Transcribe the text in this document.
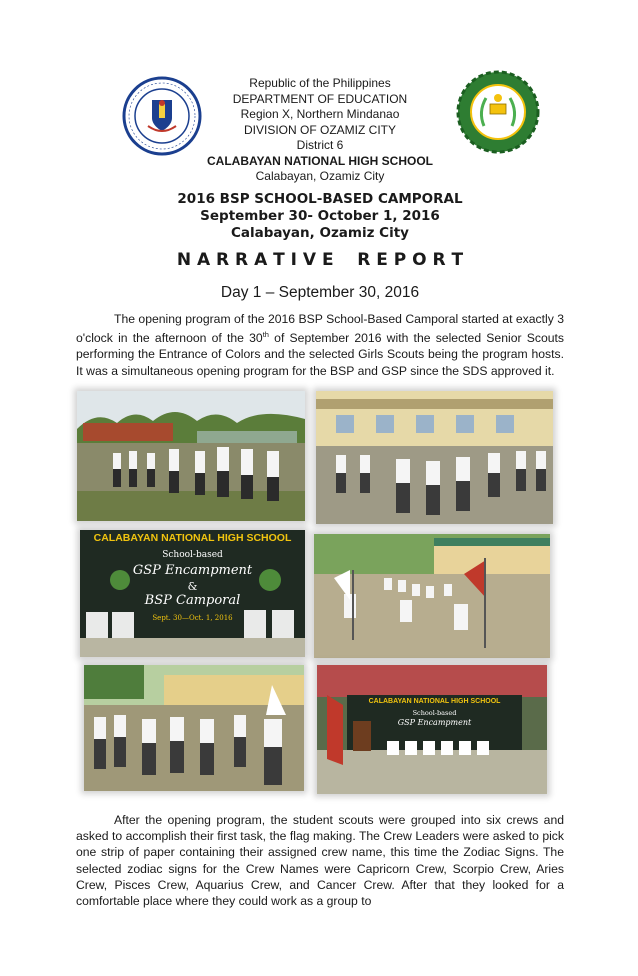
Republic of the Philippines
DEPARTMENT OF EDUCATION
Region X, Northern Mindanao
DIVISION OF OZAMIZ CITY
District 6
CALABAYAN NATIONAL HIGH SCHOOL
Calabayan, Ozamiz City
2016 BSP SCHOOL-BASED CAMPORAL
September 30- October 1, 2016
Calabayan, Ozamiz City
N A R R A T I V E    R E P O R T
Day 1 – September 30, 2016
The opening program of the 2016 BSP School-Based Camporal started at exactly 3 o'clock in the afternoon of the 30th of September 2016 with the selected Senior Scouts performing the Entrance of Colors and the selected Girls Scouts being the program hosts. It was a simultaneous opening program for the BSP and GSP since the SDS approved it.
CALABAYAN NATIONAL HIGH SCHOOL
School-based
GSP Encampment
&
BSP Camporal
Sept. 30—Oct. 1, 2016
CALABAYAN NATIONAL HIGH SCHOOL
School-based
GSP Encampment
After the opening program, the student scouts were grouped into six crews and asked to accomplish their first task, the flag making. The Crew Leaders were asked to pick one strip of paper containing their assigned crew name, this time the Zodiac Signs. The selected zodiac signs for the Crew Names were Capricorn Crew, Scorpio Crew, Aries Crew, Pisces Crew, Aquarius Crew, and Cancer Crew. After that they looked for a comfortable place where they could work as a group to
